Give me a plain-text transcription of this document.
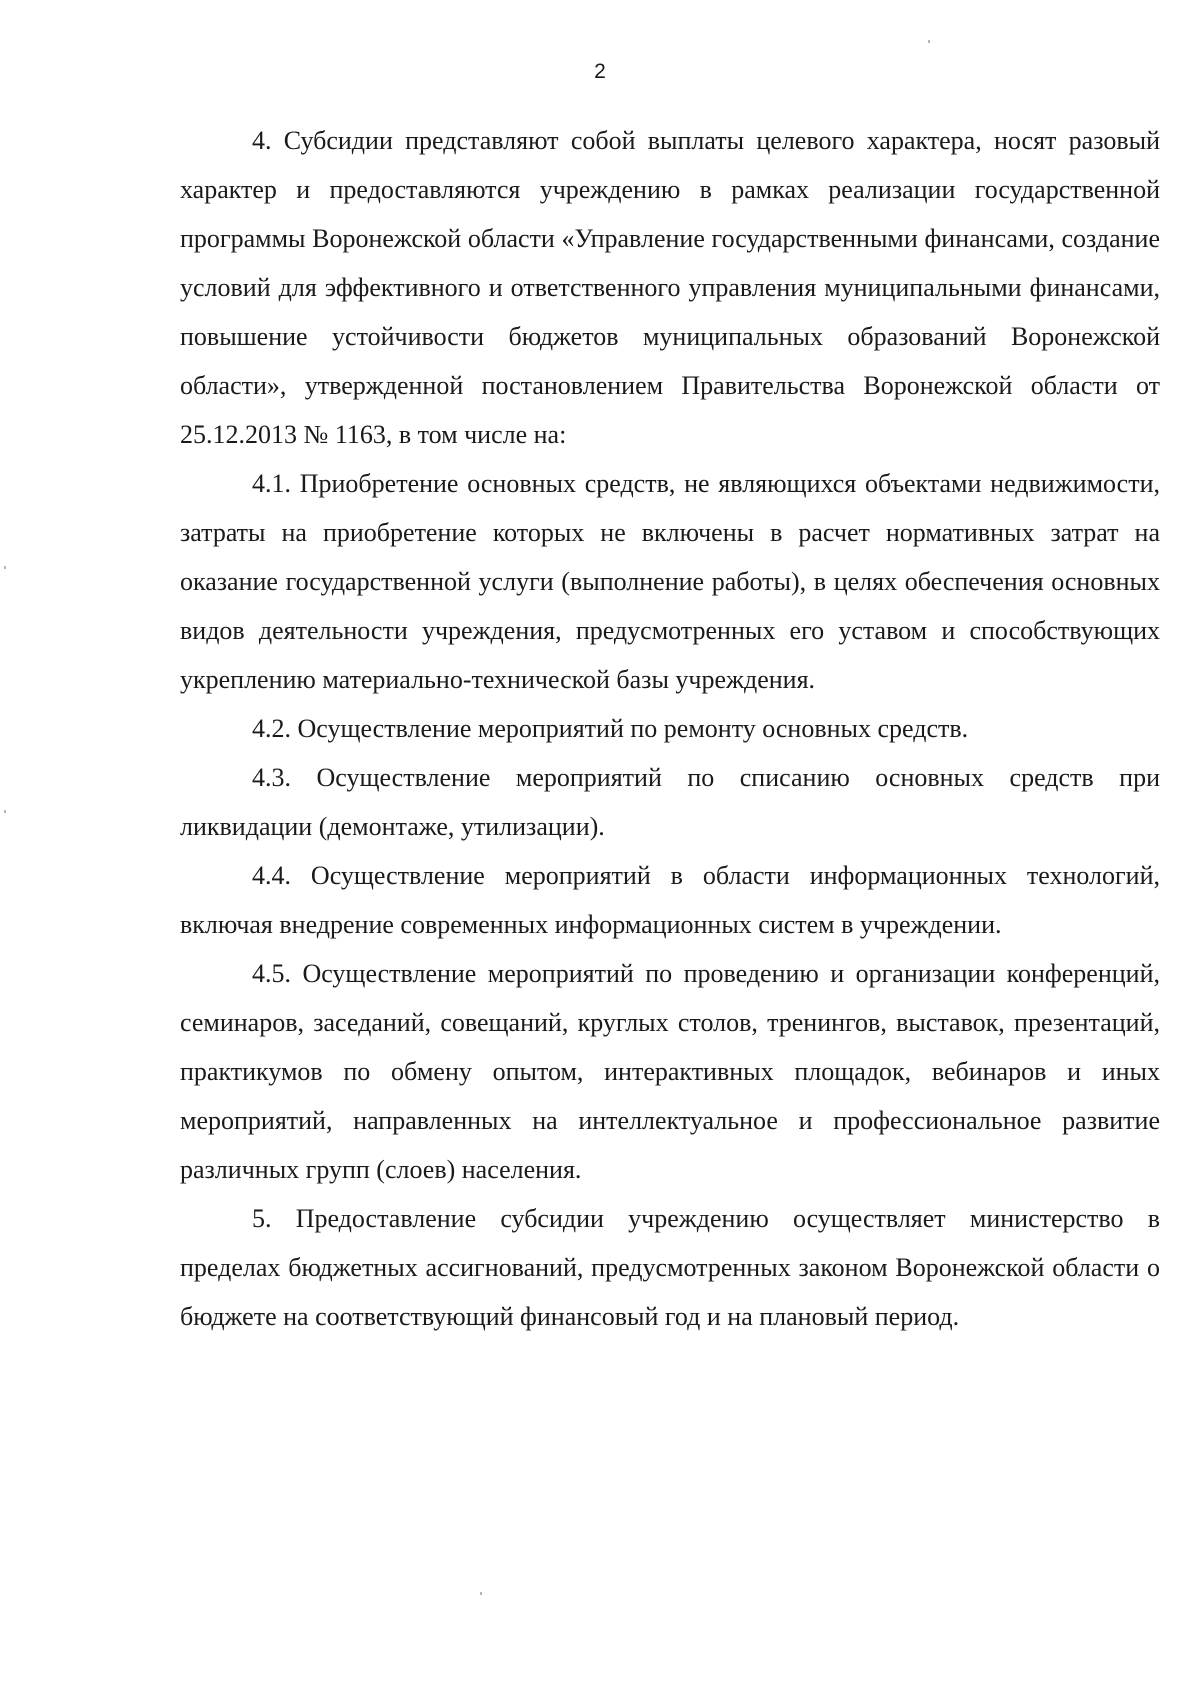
2

4. Субсидии представляют собой выплаты целевого характера, носят разовый характер и предоставляются учреждению в рамках реализации государственной программы Воронежской области «Управление государственными финансами, создание условий для эффективного и ответственного управления муниципальными финансами, повышение устойчивости бюджетов муниципальных образований Воронежской области», утвержденной постановлением Правительства Воронежской области от 25.12.2013 № 1163, в том числе на:

4.1. Приобретение основных средств, не являющихся объектами недвижимости, затраты на приобретение которых не включены в расчет нормативных затрат на оказание государственной услуги (выполнение работы), в целях обеспечения основных видов деятельности учреждения, предусмотренных его уставом и способствующих укреплению материально-технической базы учреждения.

4.2. Осуществление мероприятий по ремонту основных средств.

4.3. Осуществление мероприятий по списанию основных средств при ликвидации (демонтаже, утилизации).

4.4. Осуществление мероприятий в области информационных технологий, включая внедрение современных информационных систем в учреждении.

4.5. Осуществление мероприятий по проведению и организации конференций, семинаров, заседаний, совещаний, круглых столов, тренингов, выставок, презентаций, практикумов по обмену опытом, интерактивных площадок, вебинаров и иных мероприятий, направленных на интеллектуальное и профессиональное развитие различных групп (слоев) населения.

5. Предоставление субсидии учреждению осуществляет министерство в пределах бюджетных ассигнований, предусмотренных законом Воронежской области о бюджете на соответствующий финансовый год и на плановый период.
